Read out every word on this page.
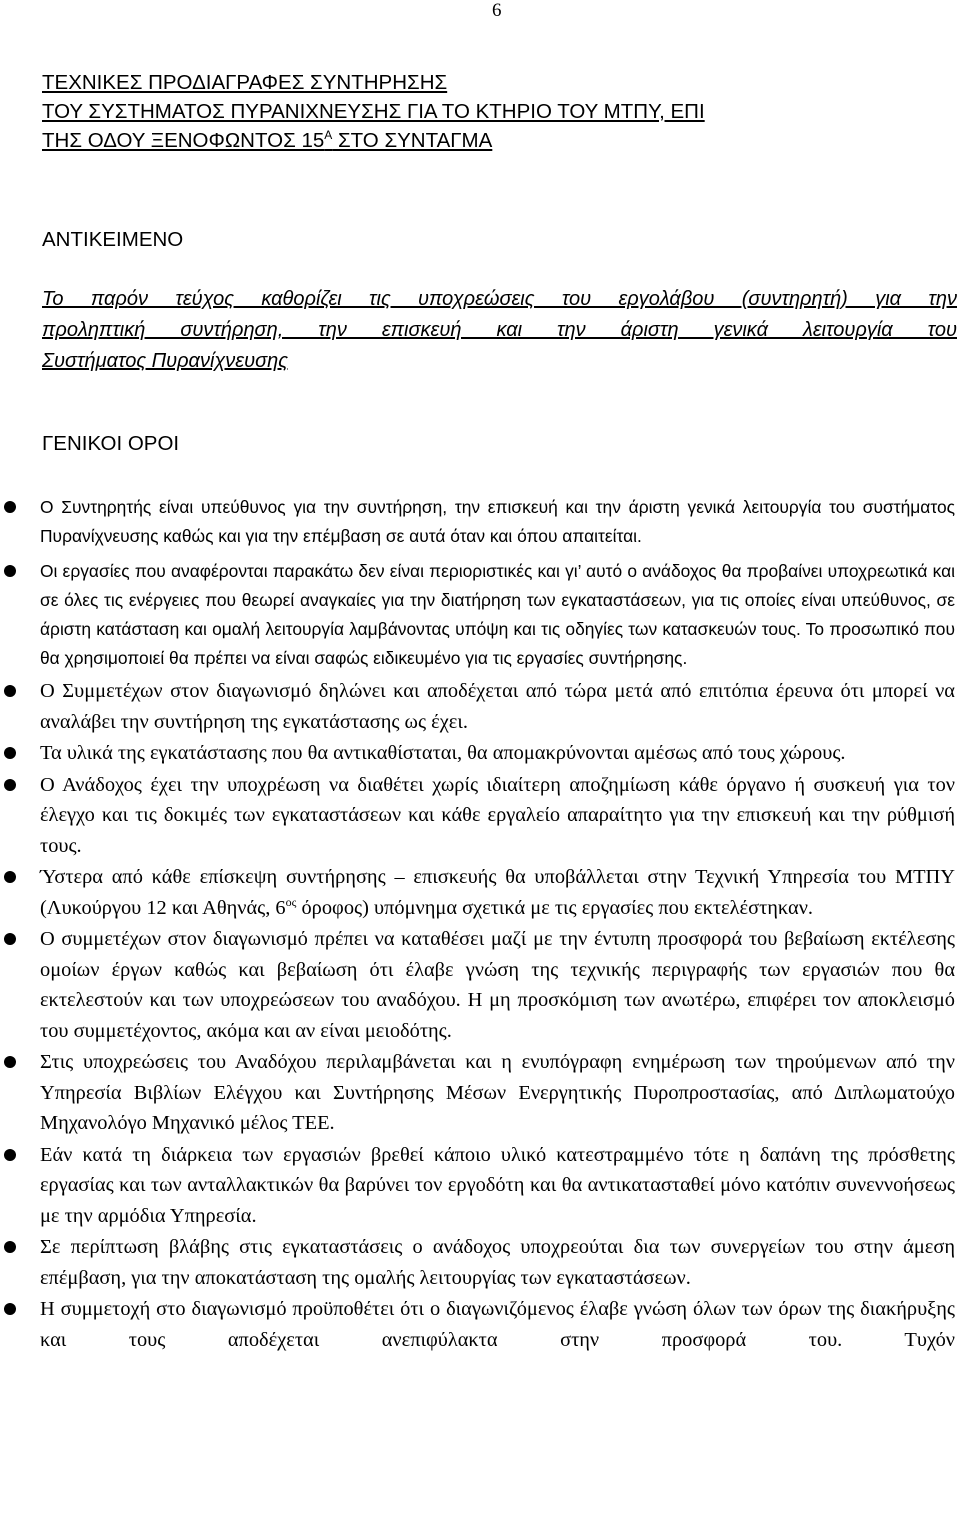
6
ΤΕΧΝΙΚΕΣ ΠΡΟΔΙΑΓΡΑΦΕΣ ΣΥΝΤΗΡΗΣΗΣ
ΤΟΥ ΣΥΣΤΗΜΑΤΟΣ ΠΥΡΑΝΙΧΝΕΥΣΗΣ ΓΙΑ ΤΟ ΚΤΗΡΙΟ ΤΟΥ ΜΤΠΥ, ΕΠΙ
ΤΗΣ ΟΔΟΥ ΞΕΝΟΦΩΝΤΟΣ $15^A$ ΣΤΟ ΣΥΝΤΑΓΜΑ
ΑΝΤΙΚΕΙΜΕΝΟ
Το παρόν τεύχος καθορίζει τις υποχρεώσεις του εργολάβου (συντηρητή) για την
προληπτική συντήρηση, την επισκευή και την άριστη γενικά λειτουργία του
Συστήματος Πυρανίχνευσης
ΓΕΝΙΚΟΙ ΟΡΟΙ
Ο Συντηρητής είναι υπεύθυνος για την συντήρηση, την επισκευή και την άριστη γενικά λειτουργία του συστήματος Πυρανίχνευσης καθώς και για την επέμβαση σε αυτά όταν και όπου απαιτείται.
Οι εργασίες που αναφέρονται παρακάτω δεν είναι περιοριστικές και γι’ αυτό ο ανάδοχος θα προβαίνει υποχρεωτικά και σε όλες τις ενέργειες που θεωρεί αναγκαίες για την διατήρηση των εγκαταστάσεων, για τις οποίες είναι υπεύθυνος, σε άριστη κατάσταση και ομαλή λειτουργία λαμβάνοντας υπόψη και τις οδηγίες των κατασκευών τους. Το προσωπικό που θα χρησιμοποιεί θα πρέπει να είναι σαφώς ειδικευμένο για τις εργασίες συντήρησης.
Ο Συμμετέχων στον διαγωνισμό δηλώνει και αποδέχεται από τώρα μετά από επιτόπια έρευνα ότι μπορεί να αναλάβει την συντήρηση της εγκατάστασης ως έχει.
Τα υλικά της εγκατάστασης που θα αντικαθίσταται, θα απομακρύνονται αμέσως από τους χώρους.
Ο Ανάδοχος έχει την υποχρέωση να διαθέτει χωρίς ιδιαίτερη αποζημίωση κάθε όργανο ή συσκευή για τον έλεγχο και τις δοκιμές των εγκαταστάσεων και κάθε εργαλείο απαραίτητο για την επισκευή και την ρύθμισή τους.
Ύστερα από κάθε επίσκεψη συντήρησης – επισκευής θα υποβάλλεται στην Τεχνική Υπηρεσία του ΜΤΠΥ (Λυκούργου 12 και Αθηνάς, $6^{o\varsigma}$ όροφος) υπόμνημα σχετικά με τις εργασίες που εκτελέστηκαν.
Ο συμμετέχων στον διαγωνισμό πρέπει να καταθέσει μαζί με την έντυπη προσφορά του βεβαίωση εκτέλεσης ομοίων έργων καθώς και βεβαίωση ότι έλαβε γνώση της τεχνικής περιγραφής των εργασιών που θα εκτελεστούν και των υποχρεώσεων του αναδόχου. Η μη προσκόμιση των ανωτέρω, επιφέρει τον αποκλεισμό του συμμετέχοντος, ακόμα και αν είναι μειοδότης.
Στις υποχρεώσεις του Αναδόχου περιλαμβάνεται και η ενυπόγραφη ενημέρωση των τηρούμενων από την Υπηρεσία Βιβλίων Ελέγχου και Συντήρησης Μέσων Ενεργητικής Πυροπροστασίας, από Διπλωματούχο Μηχανολόγο Μηχανικό μέλος ΤΕΕ.
Εάν κατά τη διάρκεια των εργασιών βρεθεί κάποιο υλικό κατεστραμμένο τότε η δαπάνη της πρόσθετης εργασίας και των ανταλλακτικών θα βαρύνει τον εργοδότη και θα αντικατασταθεί μόνο κατόπιν συνεννοήσεως με την αρμόδια Υπηρεσία.
Σε περίπτωση βλάβης στις εγκαταστάσεις ο ανάδοχος υποχρεούται δια των συνεργείων του στην άμεση επέμβαση, για την αποκατάσταση της ομαλής λειτουργίας των εγκαταστάσεων.
Η συμμετοχή στο διαγωνισμό προϋποθέτει ότι ο διαγωνιζόμενος έλαβε γνώση όλων των όρων της διακήρυξης και τους αποδέχεται ανεπιφύλακτα στην προσφορά του. Τυχόν
